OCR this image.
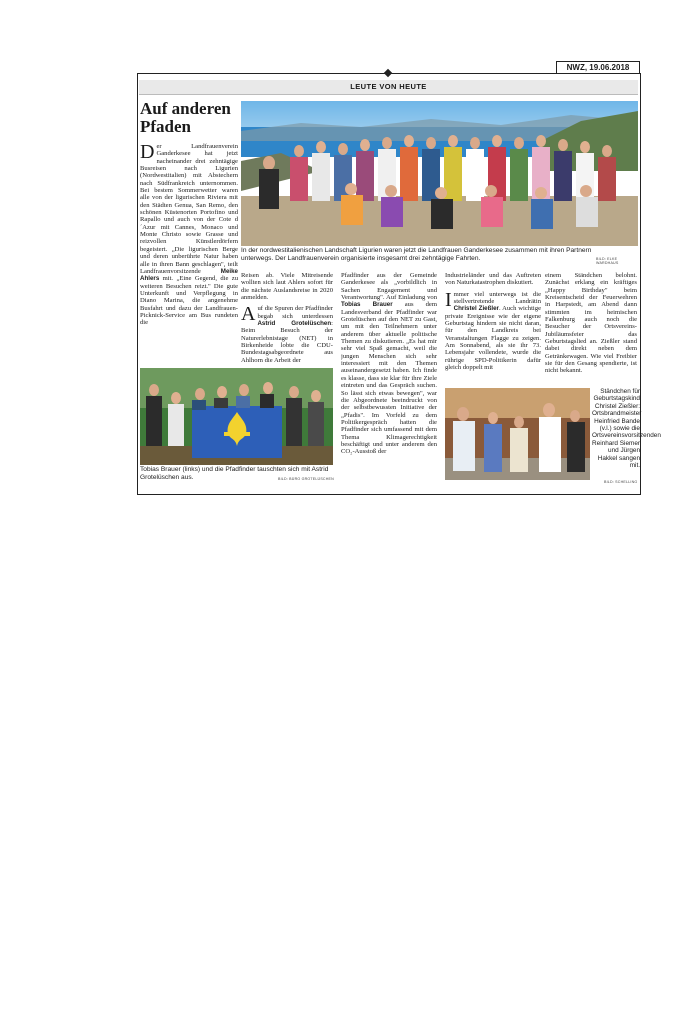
NWZ, 19.06.2018
LEUTE VON HEUTE
Auf anderen Pfaden

Der Landfrauenverein Ganderkesee hat jetzt nacheinander drei zehntägige Busreisen nach Ligurien (Nordwestitalien) mit Abstechern nach Südfrankreich unternommen. Bei bestem Sommerwetter waren alle von der ligurischen Riviera mit den Städten Genua, San Remo, den schönen Küstenorten Portofino und Rapallo und auch von der Cote d´Azur mit Cannes, Monaco und Monte Christo sowie Grasse und reizvollen Künstlerdörfern begeistert. „Die ligurischen Berge und deren unberührte Natur haben alle in ihren Bann geschlagen", teilt Landfrauenvorsitzende	Meike Ahlers mit. „Eine Gegend, die zu weiteren Besuchen reizt." Die gute Unterkunft und Verpflegung in Diano Marina, die angenehme Busfahrt und dazu der Landfrauen-Picknick-Service am Bus rundeten die

BILD: ELKE WARDHAUS
In der nordwestitalienischen Landschaft Ligurien waren jetzt die Landfrauen Ganderkesee zusammen mit ihren Partnern unterwegs. Der Landfrauenverein organisierte insgesamt drei zehntägige Fahrten.

Reisen ab. Viele Mitreisende wollten sich laut Ahlers sofort für die nächste Auslandsreise in 2020 anmelden.

Auf die Spuren der Pfadfinder begab sich unterdessen Astrid Grotelüschen: Beim Besuch der Naturerlebnistage (NET) in Birkenheide lobte die CDU-Bundestagsabgeordnete aus Ahlhorn die Arbeit der

Pfadfinder aus der Gemeinde Ganderkesee als „vorbildlich in Sachen Engagement und Verantwortung". Auf Einladung von Tobias Brauer aus dem Landesverband der Pfadfinder war Grotelüschen auf den NET zu Gast, um mit den Teilnehmern unter anderem über aktuelle politische Themen zu diskutieren. „Es hat mir sehr viel Spaß gemacht, weil die jungen Menschen sich sehr interessiert mit den Themen auseinandergesetzt haben. Ich finde es klasse, dass sie klar für ihre Ziele eintreten und das Gespräch suchen. So lässt sich etwas bewegen", war die Abgeordnete beeindruckt von der selbstbewussten Initiative der „Pfadis". Im Vorfeld zu dem Politikergespräch hatten die Pfadfinder sich umfassend mit dem Thema Klimagerechtigkeit beschäftigt und unter anderem den CO₂-Ausstoß der

Industrieländer und das Auftreten von Naturkatastrophen diskutiert.

Immer viel unterwegs ist die stellvertretende Landrätin Christel Zießler. Auch wichtige private Ereignisse wie der eigene Geburtstag hindern sie nicht daran, für den Landkreis bei Veranstaltungen Flagge zu zeigen. Am Sonnabend, als sie ihr 73. Lebensjahr vollendete, wurde die rührige SPD-Politikerin dafür gleich doppelt mit

einem Ständchen belohnt. Zunächst erklang ein kräftiges „Happy Birthday" beim Kreisentscheid der Feuerwehren in Harpstedt, am Abend dann stimmten im heimischen Falkenburg auch noch die Besucher der Ortsvereins-Jubiläumsfeier das Geburtstagslied an. Zießler stand dabei direkt neben dem Getränkewagen. Wie viel Freibier sie für den Gesang spendierte, ist nicht bekannt.

Tobias Brauer (links) und die Pfadfinder tauschten sich mit Astrid Grotelüschen aus.	BILD: BÜRO GROTELÜSCHEN
Ständchen für Geburtstagskind Christel Zießler: Ortsbrandmeister Heinfried Bande (v.l.) sowie die Ortsvereinsvorsitzenden Reinhard Siemer und Jürgen Hakkel sangen mit.
BILD: SCHELLING
